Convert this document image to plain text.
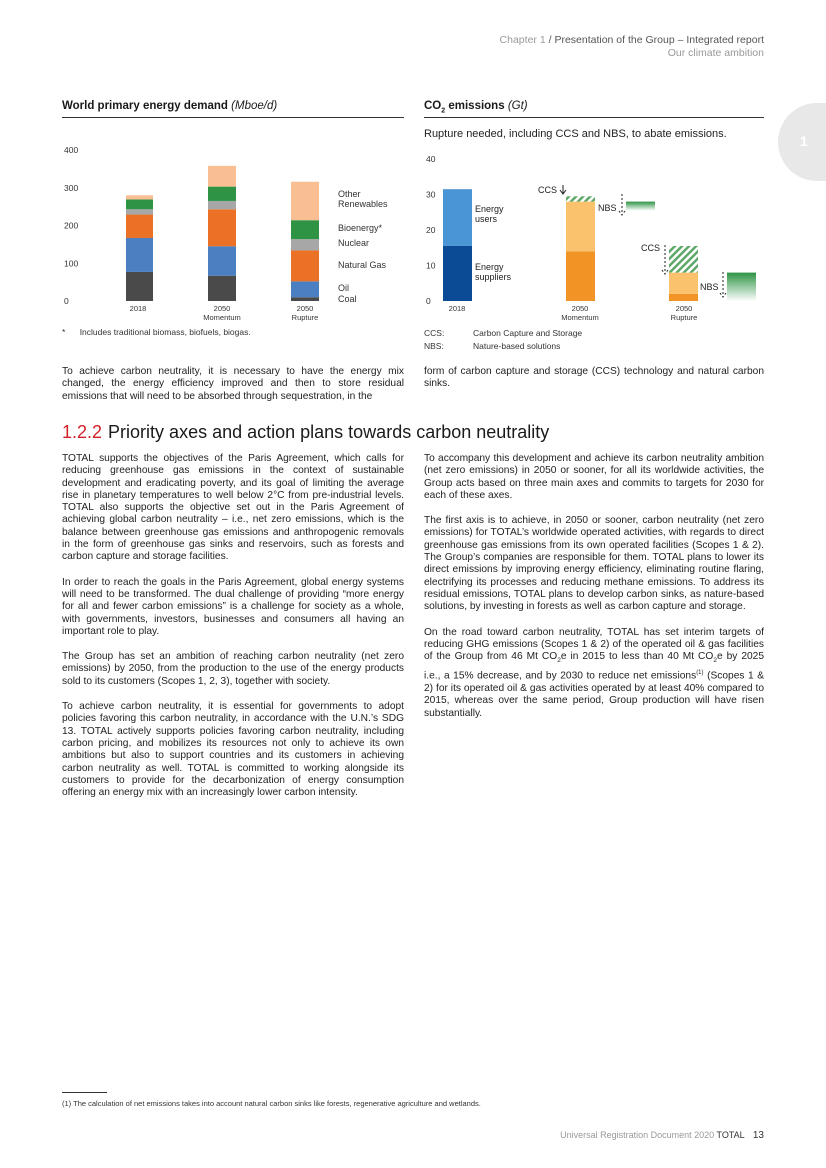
Chapter 1 / Presentation of the Group – Integrated report
Our climate ambition
1
World primary energy demand (Mboe/d)	$CO_2$ emissions (Gt)
Rupture needed, including CCS and NBS, to abate emissions.
0
100
200
300
400
2018	2050
Momentum
2050
Rupture
Other
Renewables
Bioenergy*
Nuclear
Natural Gas
Oil
Coal	0
10
20
30
40
2018	2050
Momentum
2050
Rupture
Energy
users
Energy
suppliers
CCS
CCS
NBS
NBS
* Includes traditional biomass, biofuels, biogas.	CCS:	Carbon Capture and Storage
NBS:	Nature-based solutions
To achieve carbon neutrality, it is necessary to have the energy mix changed, the energy efficiency improved and then to store residual emissions that will need to be absorbed through sequestration, in the
form of carbon capture and storage (CCS) technology and natural carbon sinks.
1.2.2 Priority axes and action plans towards carbon neutrality

TOTAL supports the objectives of the Paris Agreement, which calls for reducing greenhouse gas emissions in the context of sustainable development and eradicating poverty, and its goal of limiting the average rise in planetary temperatures to well below 2°C from pre-industrial levels. TOTAL also supports the objective set out in the Paris Agreement of achieving global carbon neutrality – i.e., net zero emissions, which is the balance between greenhouse gas emissions and anthropogenic removals in the form of greenhouse gas sinks and reservoirs, such as forests and carbon capture and storage facilities.

In order to reach the goals in the Paris Agreement, global energy systems will need to be transformed. The dual challenge of providing “more energy for all and fewer carbon emissions” is a challenge for society as a whole, with governments, investors, businesses and consumers all having an important role to play.

The Group has set an ambition of reaching carbon neutrality (net zero emissions) by 2050, from the production to the use of the energy products sold to its customers (Scopes 1, 2, 3), together with society.

To achieve carbon neutrality, it is essential for governments to adopt policies favoring this carbon neutrality, in accordance with the U.N.’s SDG 13. TOTAL actively supports policies favoring carbon neutrality, including carbon pricing, and mobilizes its resources not only to achieve its own ambitions but also to support countries and its customers in achieving carbon neutrality as well. TOTAL is committed to working alongside its customers to provide for the decarbonization of energy consumption offering an energy mix with an increasingly lower carbon intensity.

To accompany this development and achieve its carbon neutrality ambition (net zero emissions) in 2050 or sooner, for all its worldwide activities, the Group acts based on three main axes and commits to targets for 2030 for each of these axes.

The first axis is to achieve, in 2050 or sooner, carbon neutrality (net zero emissions) for TOTAL’s worldwide operated activities, with regards to direct greenhouse gas emissions from its own operated facilities (Scopes 1 & 2). The Group’s companies are responsible for them. TOTAL plans to lower its direct emissions by improving energy efficiency, eliminating routine flaring, electrifying its processes and reducing methane emissions. To address its residual emissions, TOTAL plans to develop carbon sinks, as nature-based solutions, by investing in forests as well as carbon capture and storage.

On the road toward carbon neutrality, TOTAL has set interim targets of reducing GHG emissions (Scopes 1 & 2) of the operated oil & gas facilities of the Group from 46 Mt $CO_2e$ in 2015 to less than 40 Mt $CO_2e$ by 2025 i.e., a 15% decrease, and by 2030 to reduce net emissions$^{(1)}$ (Scopes 1 & 2) for its operated oil & gas activities operated by at least 40% compared to 2015, whereas over the same period, Group production will have risen substantially.

(1) The calculation of net emissions takes into account natural carbon sinks like forests, regenerative agriculture and wetlands.
Universal Registration Document 2020 TOTAL 13
